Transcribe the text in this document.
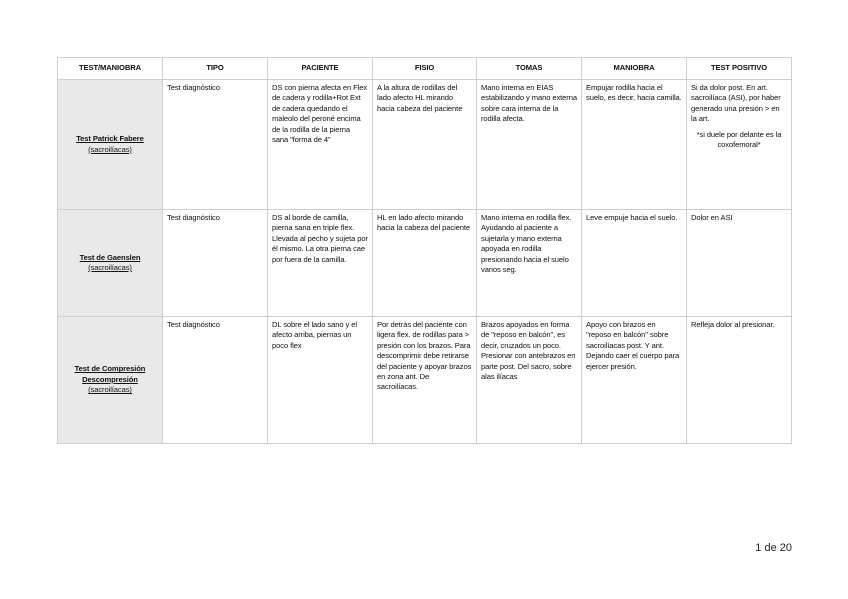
TEST/MANIOBRA	TIPO	PACIENTE	FISIO	TOMAS	MANIOBRA	TEST POSITIVO

Test Patrick Fabere
(sacroilíacas)	Test diagnóstico	DS con pierna afecta en Flex de cadera y rodilla+Rot Ext de cadera quedando el maleolo del peroné encima de la rodilla de la pierna sana "forma de 4"	A la altura de rodillas del lado afecto HL mirando hacia cabeza del paciente	Mano interna en EIAS estabilizando y mano externa sobre cara interna de la rodilla afecta.	Empujar rodilla hacia el suelo, es decir, hacia camilla.	Si da dolor post. En art. sacroilíaca (ASI), por haber generado una presión > en la art.
*si duele por delante es la coxofemoral*

Test de Gaenslen
(sacroilíacas)	Test diagnóstico	DS al borde de camilla, pierna sana en triple flex. Llevada al pecho y sujeta por él mismo. La otra pierna cae por fuera de la camilla.	HL en lado afecto mirando hacia la cabeza del paciente	Mano interna en rodilla flex. Ayudando al paciente a sujetarla y mano externa apoyada en rodilla presionando hacia el suelo varios seg.	Leve empuje hacia el suelo.	Dolor en ASI

Test de Compresión Descompresión
(sacroilíacas)	Test diagnóstico	DL sobre el lado sano y el afecto arriba, piernas un poco flex	Por detrás del paciente con ligera flex. de rodillas para > presión con los brazos. Para descomprimir debe retirarse del paciente y apoyar brazos en zona ant. De sacroilíacas.	Brazos apoyados en forma de "reposo en balcón", es decir, cruzados un poco. Presionar con antebrazos en parte post. Del sacro, sobre alas ilíacas	Apoyo con brazos en "reposo en balcón" sobre sacroilíacas post. Y ant. Dejando caer el cuerpo para ejercer presión.	Refleja dolor al presionar.
1 de 20
